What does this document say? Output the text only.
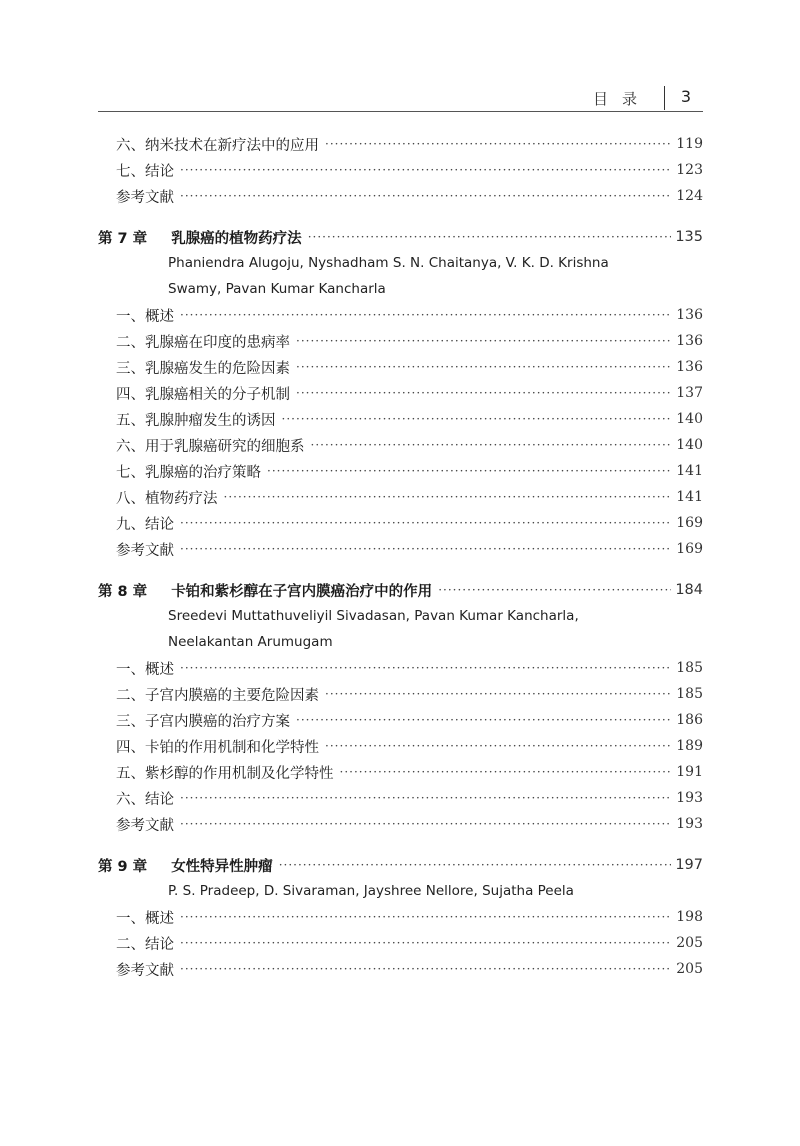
目录 3
六、纳米技术在新疗法中的应用 ·····	119
七、结论 ·····	123
参考文献 ·····	124
第 7 章 乳腺癌的植物药疗法 ·····	135
Phaniendra Alugoju, Nyshadham S. N. Chaitanya, V. K. D. Krishna
Swamy, Pavan Kumar Kancharla
一、概述 ·····	136
二、乳腺癌在印度的患病率 ·····	136
三、乳腺癌发生的危险因素 ·····	136
四、乳腺癌相关的分子机制 ·····	137
五、乳腺肿瘤发生的诱因 ·····	140
六、用于乳腺癌研究的细胞系 ·····	140
七、乳腺癌的治疗策略 ·····	141
八、植物药疗法 ·····	141
九、结论 ·····	169
参考文献 ·····	169
第 8 章 卡铂和紫杉醇在子宫内膜癌治疗中的作用 ·····	184
Sreedevi Muttathuveliyil Sivadasan, Pavan Kumar Kancharla,
Neelakantan Arumugam
一、概述 ·····	185
二、子宫内膜癌的主要危险因素 ·····	185
三、子宫内膜癌的治疗方案 ·····	186
四、卡铂的作用机制和化学特性 ·····	189
五、紫杉醇的作用机制及化学特性 ·····	191
六、结论 ·····	193
参考文献 ·····	193
第 9 章 女性特异性肿瘤 ·····	197
P. S. Pradeep, D. Sivaraman, Jayshree Nellore, Sujatha Peela
一、概述 ·····	198
二、结论 ·····	205
参考文献 ·····	205
